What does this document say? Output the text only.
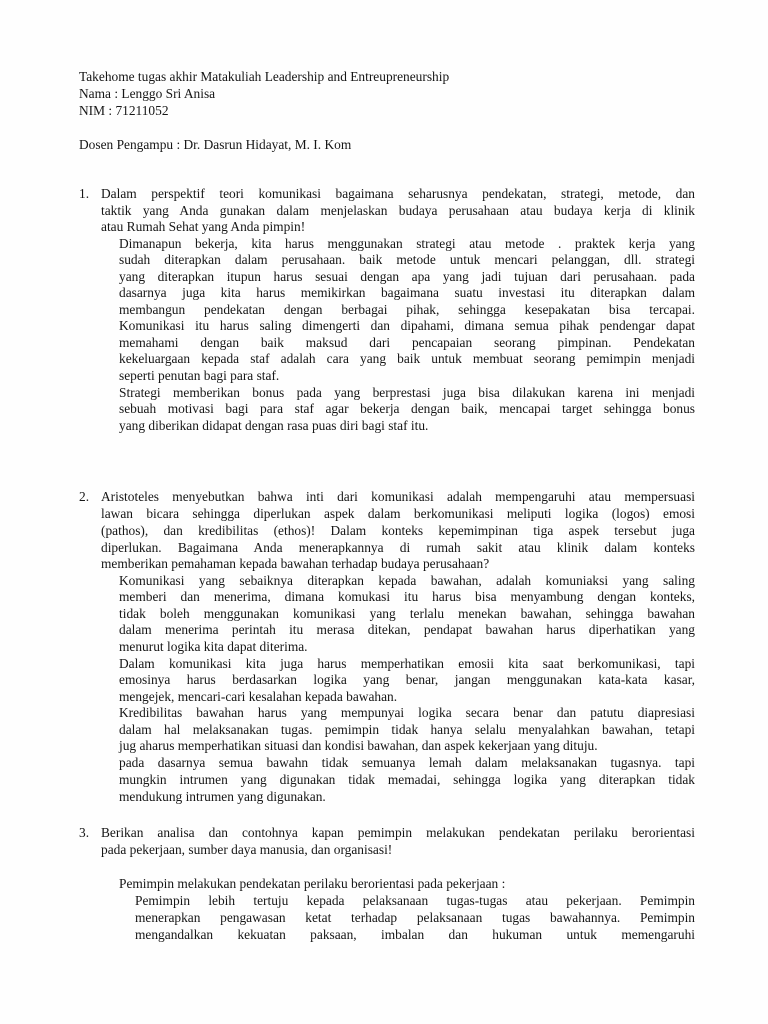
Takehome tugas akhir Matakuliah Leadership and Entreupreneurship
Nama : Lenggo Sri Anisa
NIM : 71211052
Dosen Pengampu : Dr. Dasrun Hidayat, M. I. Kom
1. Dalam perspektif teori komunikasi bagaimana seharusnya pendekatan, strategi, metode, dan
taktik yang Anda gunakan dalam menjelaskan budaya perusahaan atau budaya kerja di klinik
atau Rumah Sehat yang Anda pimpin!
Dimanapun bekerja, kita harus menggunakan strategi atau metode . praktek kerja yang
sudah diterapkan dalam perusahaan. baik metode untuk mencari pelanggan, dll. strategi
yang diterapkan itupun harus sesuai dengan apa yang jadi tujuan dari perusahaan. pada
dasarnya juga kita harus memikirkan bagaimana suatu investasi itu diterapkan dalam
membangun pendekatan dengan berbagai pihak, sehingga kesepakatan bisa tercapai.
Komunikasi itu harus saling dimengerti dan dipahami, dimana semua pihak pendengar dapat
memahami dengan baik maksud dari pencapaian seorang pimpinan. Pendekatan
kekeluargaan kepada staf adalah cara yang baik untuk membuat seorang pemimpin menjadi
seperti penutan bagi para staf.
Strategi memberikan bonus pada yang berprestasi juga bisa dilakukan karena ini menjadi
sebuah motivasi bagi para staf agar bekerja dengan baik, mencapai target sehingga bonus
yang diberikan didapat dengan rasa puas diri bagi staf itu.
2. Aristoteles menyebutkan bahwa inti dari komunikasi adalah mempengaruhi atau mempersuasi
lawan bicara sehingga diperlukan aspek dalam berkomunikasi meliputi logika (logos) emosi
(pathos), dan kredibilitas (ethos)! Dalam konteks kepemimpinan tiga aspek tersebut juga
diperlukan. Bagaimana Anda menerapkannya di rumah sakit atau klinik dalam konteks
memberikan pemahaman kepada bawahan terhadap budaya perusahaan?
Komunikasi yang sebaiknya diterapkan kepada bawahan, adalah komuniaksi yang saling
memberi dan menerima, dimana komukasi itu harus bisa menyambung dengan konteks,
tidak boleh menggunakan komunikasi yang terlalu menekan bawahan, sehingga bawahan
dalam menerima perintah itu merasa ditekan, pendapat bawahan harus diperhatikan yang
menurut logika kita dapat diterima.
Dalam komunikasi kita juga harus memperhatikan emosii kita saat berkomunikasi, tapi
emosinya harus berdasarkan logika yang benar, jangan menggunakan kata-kata kasar,
mengejek, mencari-cari kesalahan kepada bawahan.
Kredibilitas bawahan harus yang mempunyai logika secara benar dan patutu diapresiasi
dalam hal melaksanakan tugas. pemimpin tidak hanya selalu menyalahkan bawahan, tetapi
jug aharus memperhatikan situasi dan kondisi bawahan, dan aspek kekerjaan yang dituju.
pada dasarnya semua bawahn tidak semuanya lemah dalam melaksanakan tugasnya. tapi
mungkin intrumen yang digunakan tidak memadai, sehingga logika yang diterapkan tidak
mendukung intrumen yang digunakan.
3. Berikan analisa dan contohnya kapan pemimpin melakukan pendekatan perilaku berorientasi
pada pekerjaan, sumber daya manusia, dan organisasi!
Pemimpin melakukan pendekatan perilaku berorientasi pada pekerjaan :
Pemimpin lebih tertuju kepada pelaksanaan tugas-tugas atau pekerjaan. Pemimpin
menerapkan pengawasan ketat terhadap pelaksanaan tugas bawahannya. Pemimpin
mengandalkan kekuatan paksaan, imbalan dan hukuman untuk memengaruhi
